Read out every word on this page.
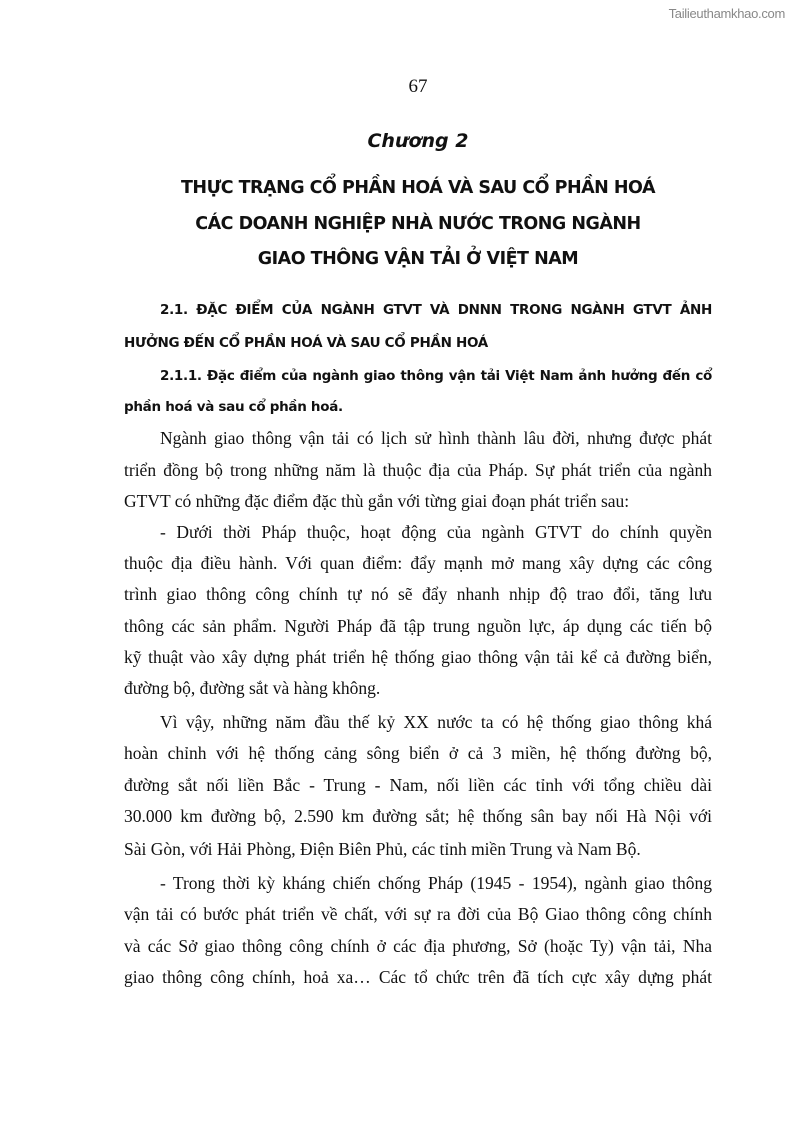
Tailieuthamkhao.com
67
Chương 2
THỰC TRẠNG CỔ PHẦN HOÁ VÀ SAU CỔ PHẦN HOÁ
CÁC DOANH NGHIỆP NHÀ NƯỚC TRONG NGÀNH
GIAO THÔNG VẬN TẢI Ở VIỆT NAM
2.1. ĐẶC ĐIỂM CỦA NGÀNH GTVT VÀ DNNN TRONG NGÀNH GTVT ẢNH
HƯỞNG ĐẾN CỔ PHẦN HOÁ VÀ SAU CỔ PHẦN HOÁ
2.1.1. Đặc điểm của ngành giao thông vận tải Việt Nam ảnh hưởng đến cổ
phần hoá và sau cổ phần hoá.
Ngành giao thông vận tải có lịch sử hình thành lâu đời, nhưng được phát
triển đồng bộ trong những năm là thuộc địa của Pháp. Sự phát triển của ngành
GTVT có những đặc điểm đặc thù gắn với từng giai đoạn phát triển sau:
- Dưới thời Pháp thuộc, hoạt động của ngành GTVT do chính quyền
thuộc địa điều hành. Với quan điểm: đẩy mạnh mở mang xây dựng các công
trình giao thông công chính tự nó sẽ đẩy nhanh nhịp độ trao đổi, tăng lưu
thông các sản phẩm. Người Pháp đã tập trung nguồn lực, áp dụng các tiến bộ
kỹ thuật vào xây dựng phát triển hệ thống giao thông vận tải kể cả đường biển,
đường bộ, đường sắt và hàng không.
Vì vậy, những năm đầu thế kỷ XX nước ta có hệ thống giao thông khá
hoàn chỉnh với hệ thống cảng sông biển ở cả 3 miền, hệ thống đường bộ,
đường sắt nối liền Bắc - Trung - Nam, nối liền các tỉnh với tổng chiều dài
30.000 km đường bộ, 2.590 km đường sắt; hệ thống sân bay nối Hà Nội với
Sài Gòn, với Hải Phòng, Điện Biên Phủ, các tỉnh miền Trung và Nam Bộ.
- Trong thời kỳ kháng chiến chống Pháp (1945 - 1954), ngành giao thông
vận tải có bước phát triển về chất, với sự ra đời của Bộ Giao thông công chính
và các Sở giao thông công chính ở các địa phương, Sở (hoặc Ty) vận tải, Nha
giao thông công chính, hoả xa… Các tổ chức trên đã tích cực xây dựng phát
